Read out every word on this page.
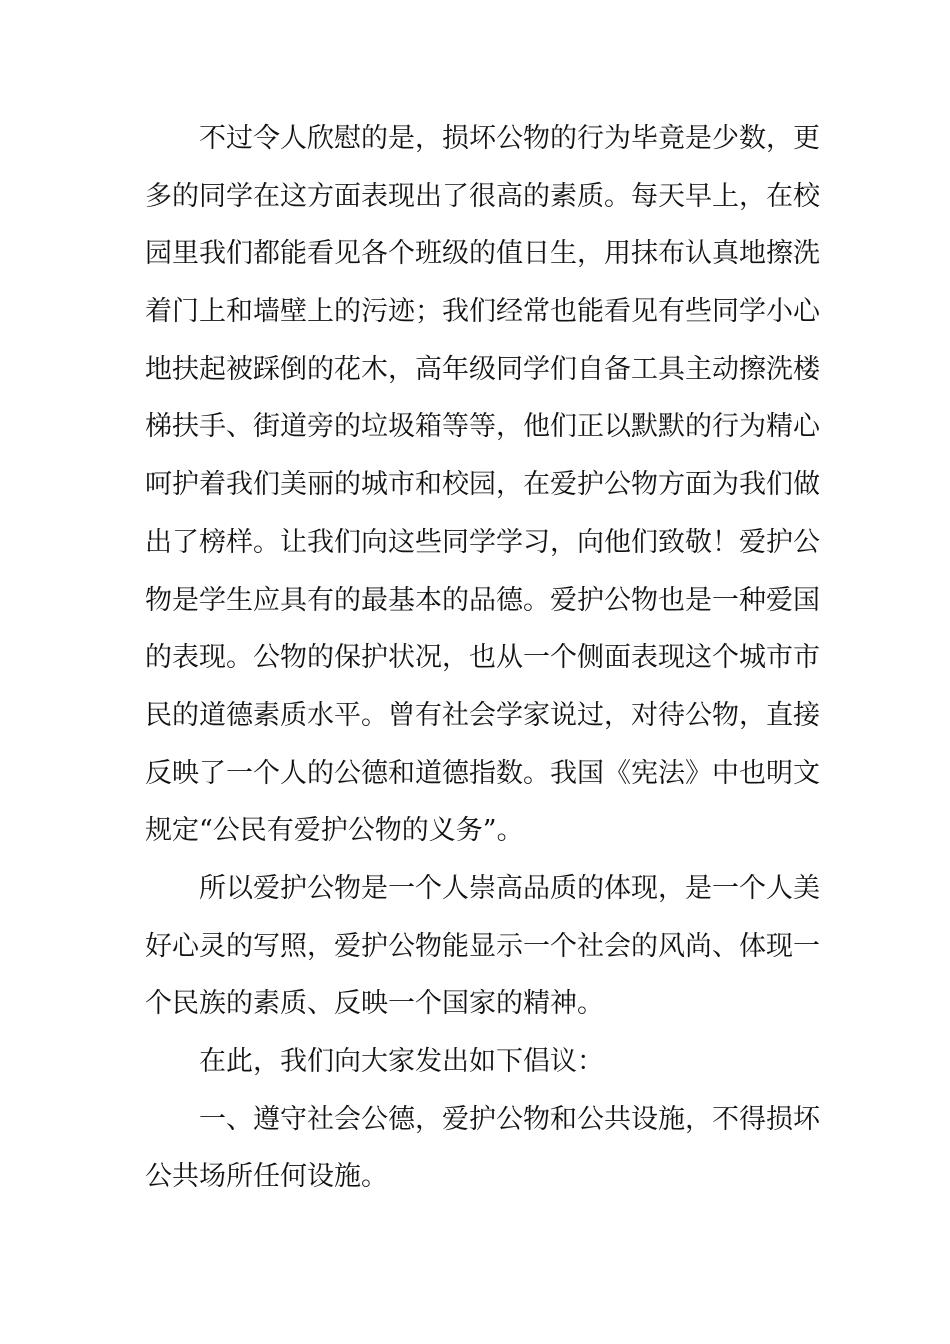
不过令人欣慰的是，损坏公物的行为毕竟是少数，更
多的同学在这方面表现出了很高的素质。每天早上，在校
园里我们都能看见各个班级的值日生，用抹布认真地擦洗
着门上和墙壁上的污迹；我们经常也能看见有些同学小心
地扶起被踩倒的花木，高年级同学们自备工具主动擦洗楼
梯扶手、街道旁的垃圾箱等等，他们正以默默的行为精心
呵护着我们美丽的城市和校园，在爱护公物方面为我们做
出了榜样。让我们向这些同学学习，向他们致敬！爱护公
物是学生应具有的最基本的品德。爱护公物也是一种爱国
的表现。公物的保护状况，也从一个侧面表现这个城市市
民的道德素质水平。曾有社会学家说过，对待公物，直接
反映了一个人的公德和道德指数。我国《宪法》中也明文
规定“公民有爱护公物的义务”。
所以爱护公物是一个人崇高品质的体现，是一个人美
好心灵的写照，爱护公物能显示一个社会的风尚、体现一
个民族的素质、反映一个国家的精神。
在此，我们向大家发出如下倡议：
一、遵守社会公德，爱护公物和公共设施，不得损坏
公共场所任何设施。
